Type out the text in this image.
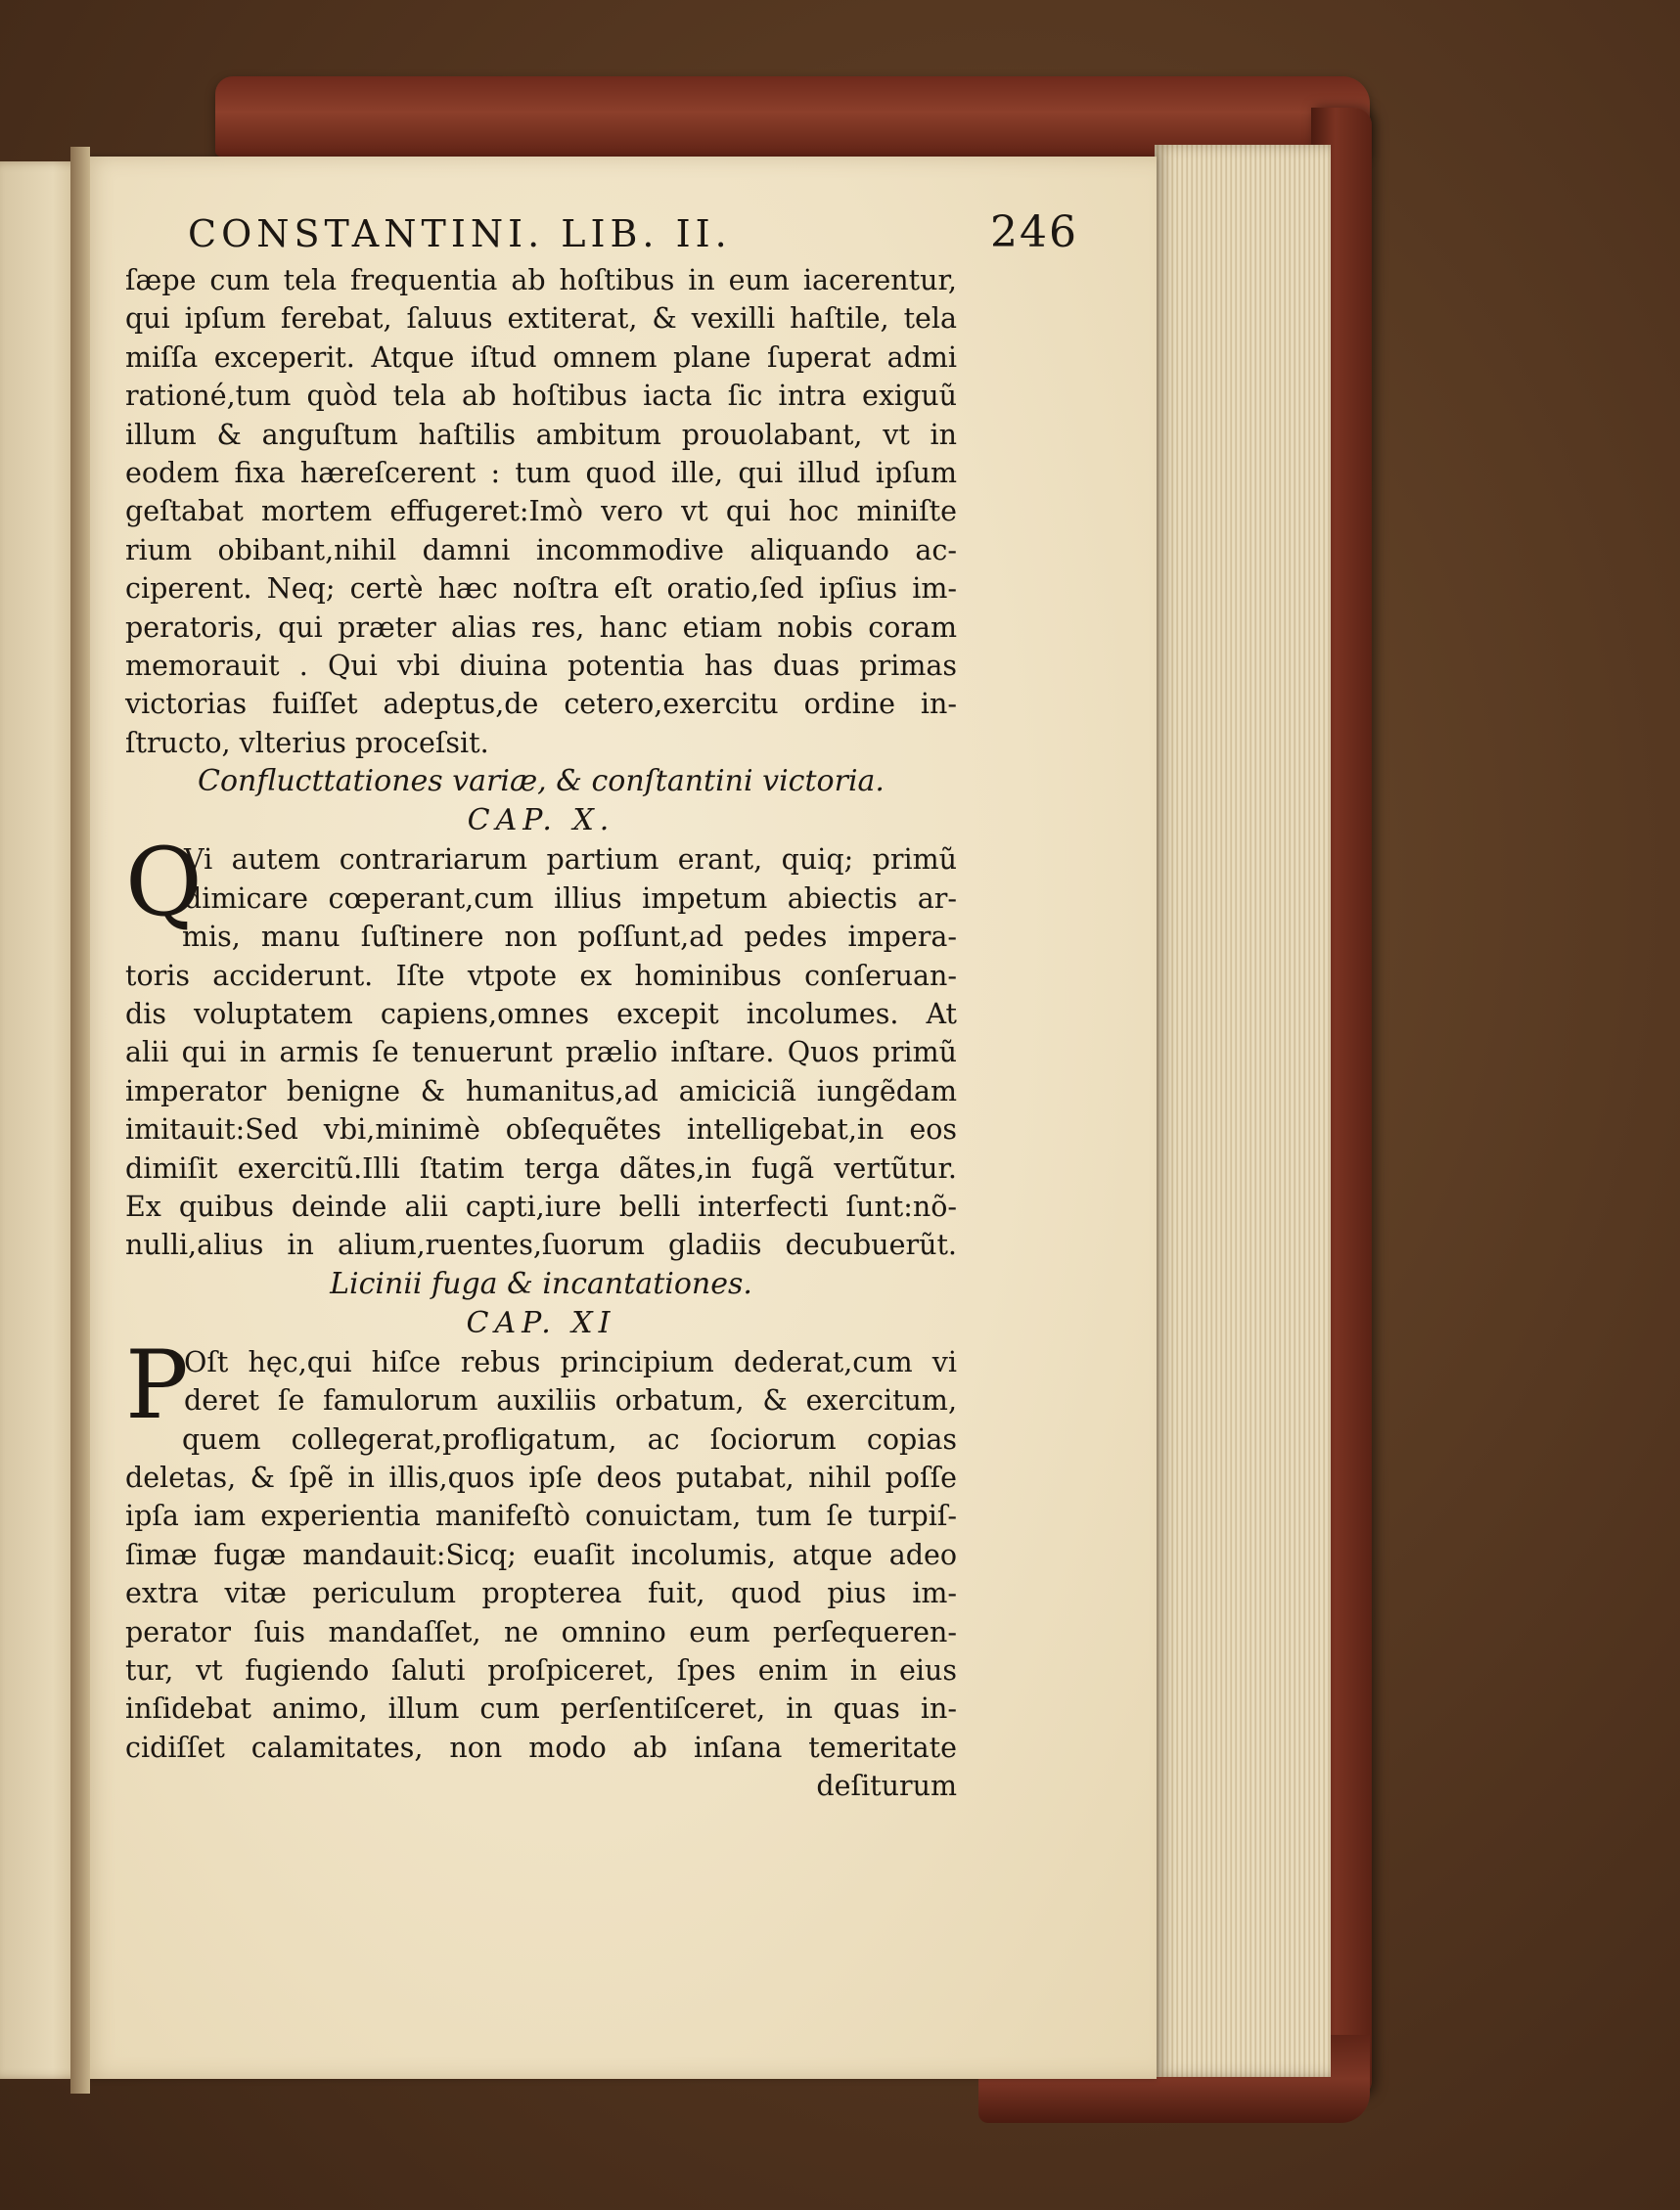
CONSTANTINI. LIB. II.	246
ſæpe cum tela frequentia ab hoſtibus in eum iacerentur,
qui ipſum ferebat, ſaluus extiterat, & vexilli haſtile, tela
miſſa exceperit. Atque iſtud omnem plane ſuperat admi
rationé,tum quòd tela ab hoſtibus iacta ſic intra exiguũ
illum & anguſtum haſtilis ambitum prouolabant, vt in
eodem fixa hæreſcerent : tum quod ille, qui illud ipſum
geſtabat mortem effugeret:Imò vero vt qui hoc miniſte
rium obibant,nihil damni incommodive aliquando ac-
ciperent. Neq; certè hæc noſtra eſt oratio,ſed ipſius im-
peratoris, qui præter alias res, hanc etiam nobis coram
memorauit . Qui vbi diuina potentia has duas primas
victorias fuiſſet adeptus,de cetero,exercitu ordine in-
ſtructo, vlterius proceſsit.
Conflucttationes variæ, & conſtantini victoria.
CAP. X.
Q
Vi autem contrariarum partium erant, quiq; primũ
dimicare cœperant,cum illius impetum abiectis ar-
mis, manu ſuſtinere non poſſunt,ad pedes impera-
toris acciderunt. Iſte vtpote ex hominibus conſeruan-
dis voluptatem capiens,omnes excepit incolumes. At
alii qui in armis ſe tenuerunt prælio inſtare. Quos primũ
imperator benigne & humanitus,ad amiciciã iungẽdam
imitauit:Sed vbi,minimè obſequẽtes intelligebat,in eos
dimiſit exercitũ.Illi ſtatim terga dãtes,in fugã vertũtur.
Ex quibus deinde alii capti,iure belli interfecti ſunt:nõ-
nulli,alius in alium,ruentes,ſuorum gladiis decubuerũt.
Licinii fuga & incantationes.
CAP. XI
P
Oſt hęc,qui hiſce rebus principium dederat,cum vi
deret ſe famulorum auxiliis orbatum, & exercitum,
quem collegerat,profligatum, ac ſociorum copias
deletas, & ſpẽ in illis,quos ipſe deos putabat, nihil poſſe
ipſa iam experientia manifeſtò conuictam, tum ſe turpiſ-
ſimæ fugæ mandauit:Sicq; euaſit incolumis, atque adeo
extra vitæ periculum propterea fuit, quod pius im-
perator ſuis mandaſſet, ne omnino eum perſequeren-
tur, vt fugiendo ſaluti proſpiceret, ſpes enim in eius
inſidebat animo, illum cum perſentiſceret, in quas in-
cidiſſet calamitates, non modo ab inſana temeritate
deſiturum
